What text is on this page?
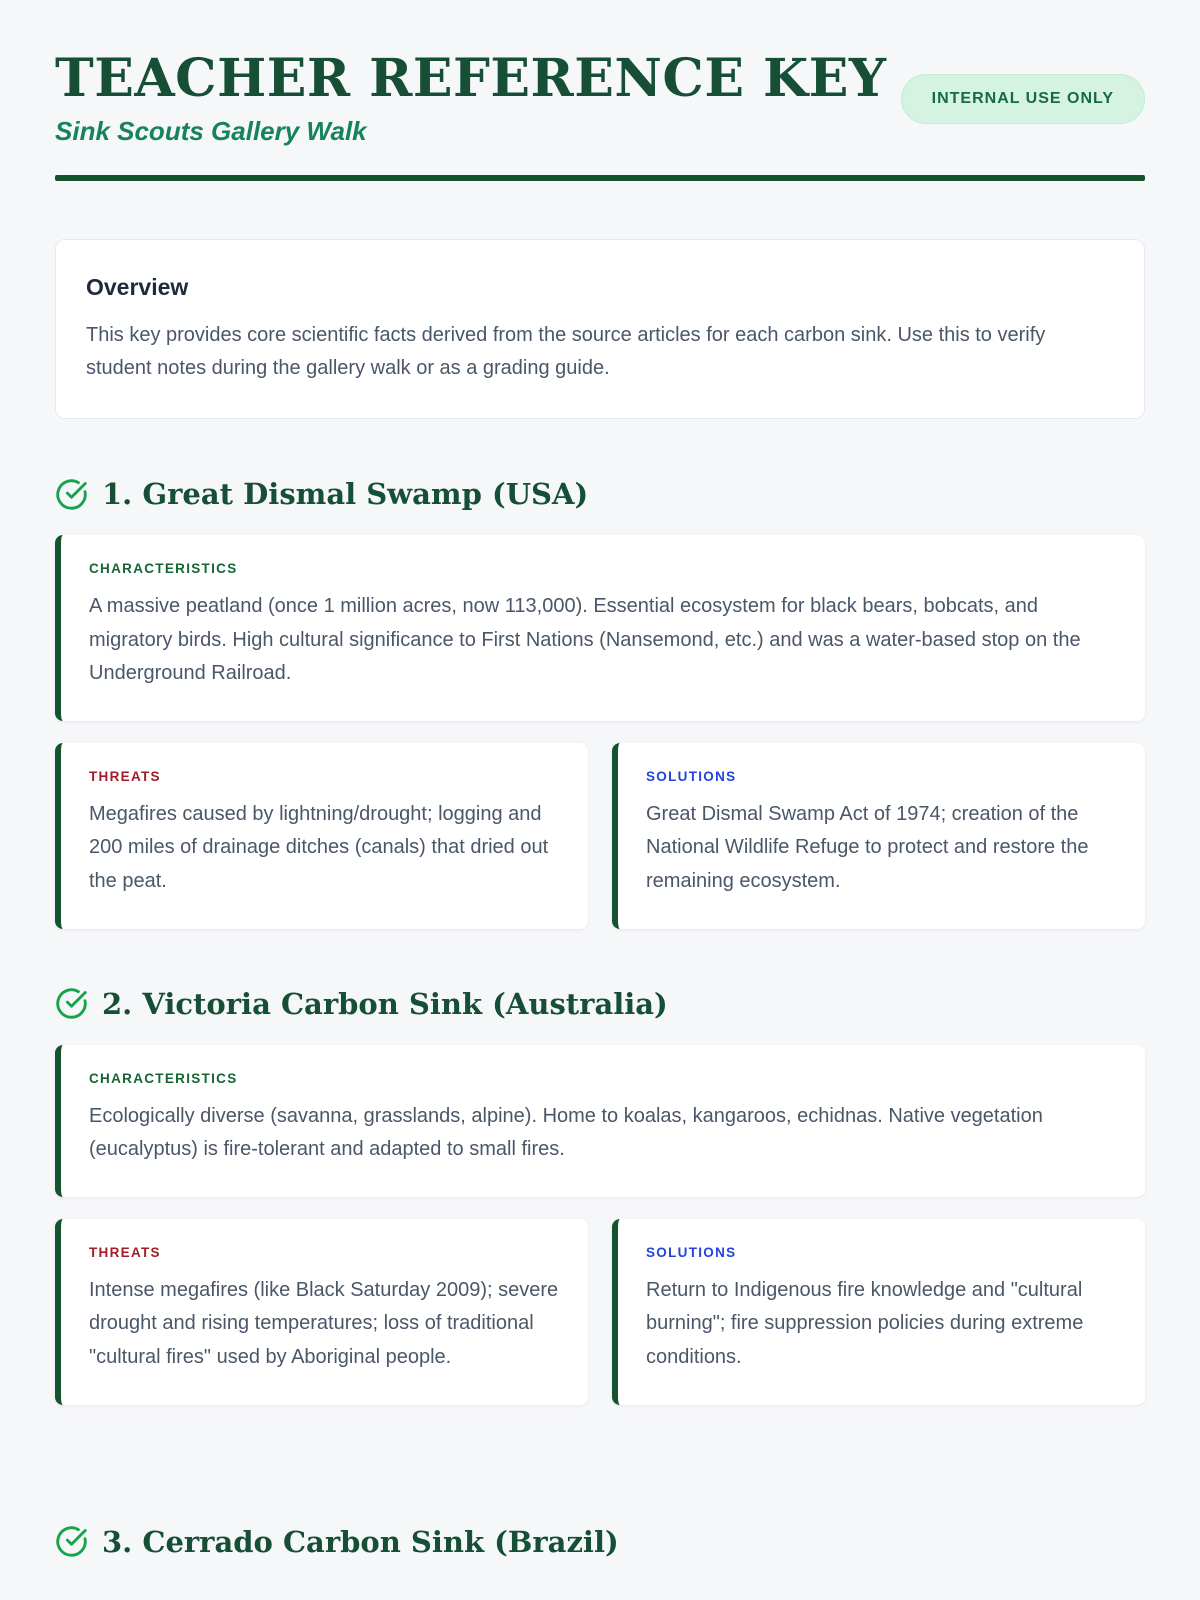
TEACHER REFERENCE KEY

Sink Scouts Gallery Walk

INTERNAL USE ONLY
Overview

This key provides core scientific facts derived from the source articles for each carbon sink. Use this to verify student notes during the gallery walk or as a grading guide.

1. Great Dismal Swamp (USA)

CHARACTERISTICS

A massive peatland (once 1 million acres, now 113,000). Essential ecosystem for black bears, bobcats, and migratory birds. High cultural significance to First Nations (Nansemond, etc.) and was a water-based stop on the Underground Railroad.

THREATS

Megafires caused by lightning/drought; logging and 200 miles of drainage ditches (canals) that dried out the peat.

SOLUTIONS

Great Dismal Swamp Act of 1974; creation of the National Wildlife Refuge to protect and restore the remaining ecosystem.

2. Victoria Carbon Sink (Australia)

CHARACTERISTICS

Ecologically diverse (savanna, grasslands, alpine). Home to koalas, kangaroos, echidnas. Native vegetation (eucalyptus) is fire-tolerant and adapted to small fires.

THREATS

Intense megafires (like Black Saturday 2009); severe drought and rising temperatures; loss of traditional "cultural fires" used by Aboriginal people.

SOLUTIONS

Return to Indigenous fire knowledge and "cultural burning"; fire suppression policies during extreme conditions.

3. Cerrado Carbon Sink (Brazil)
